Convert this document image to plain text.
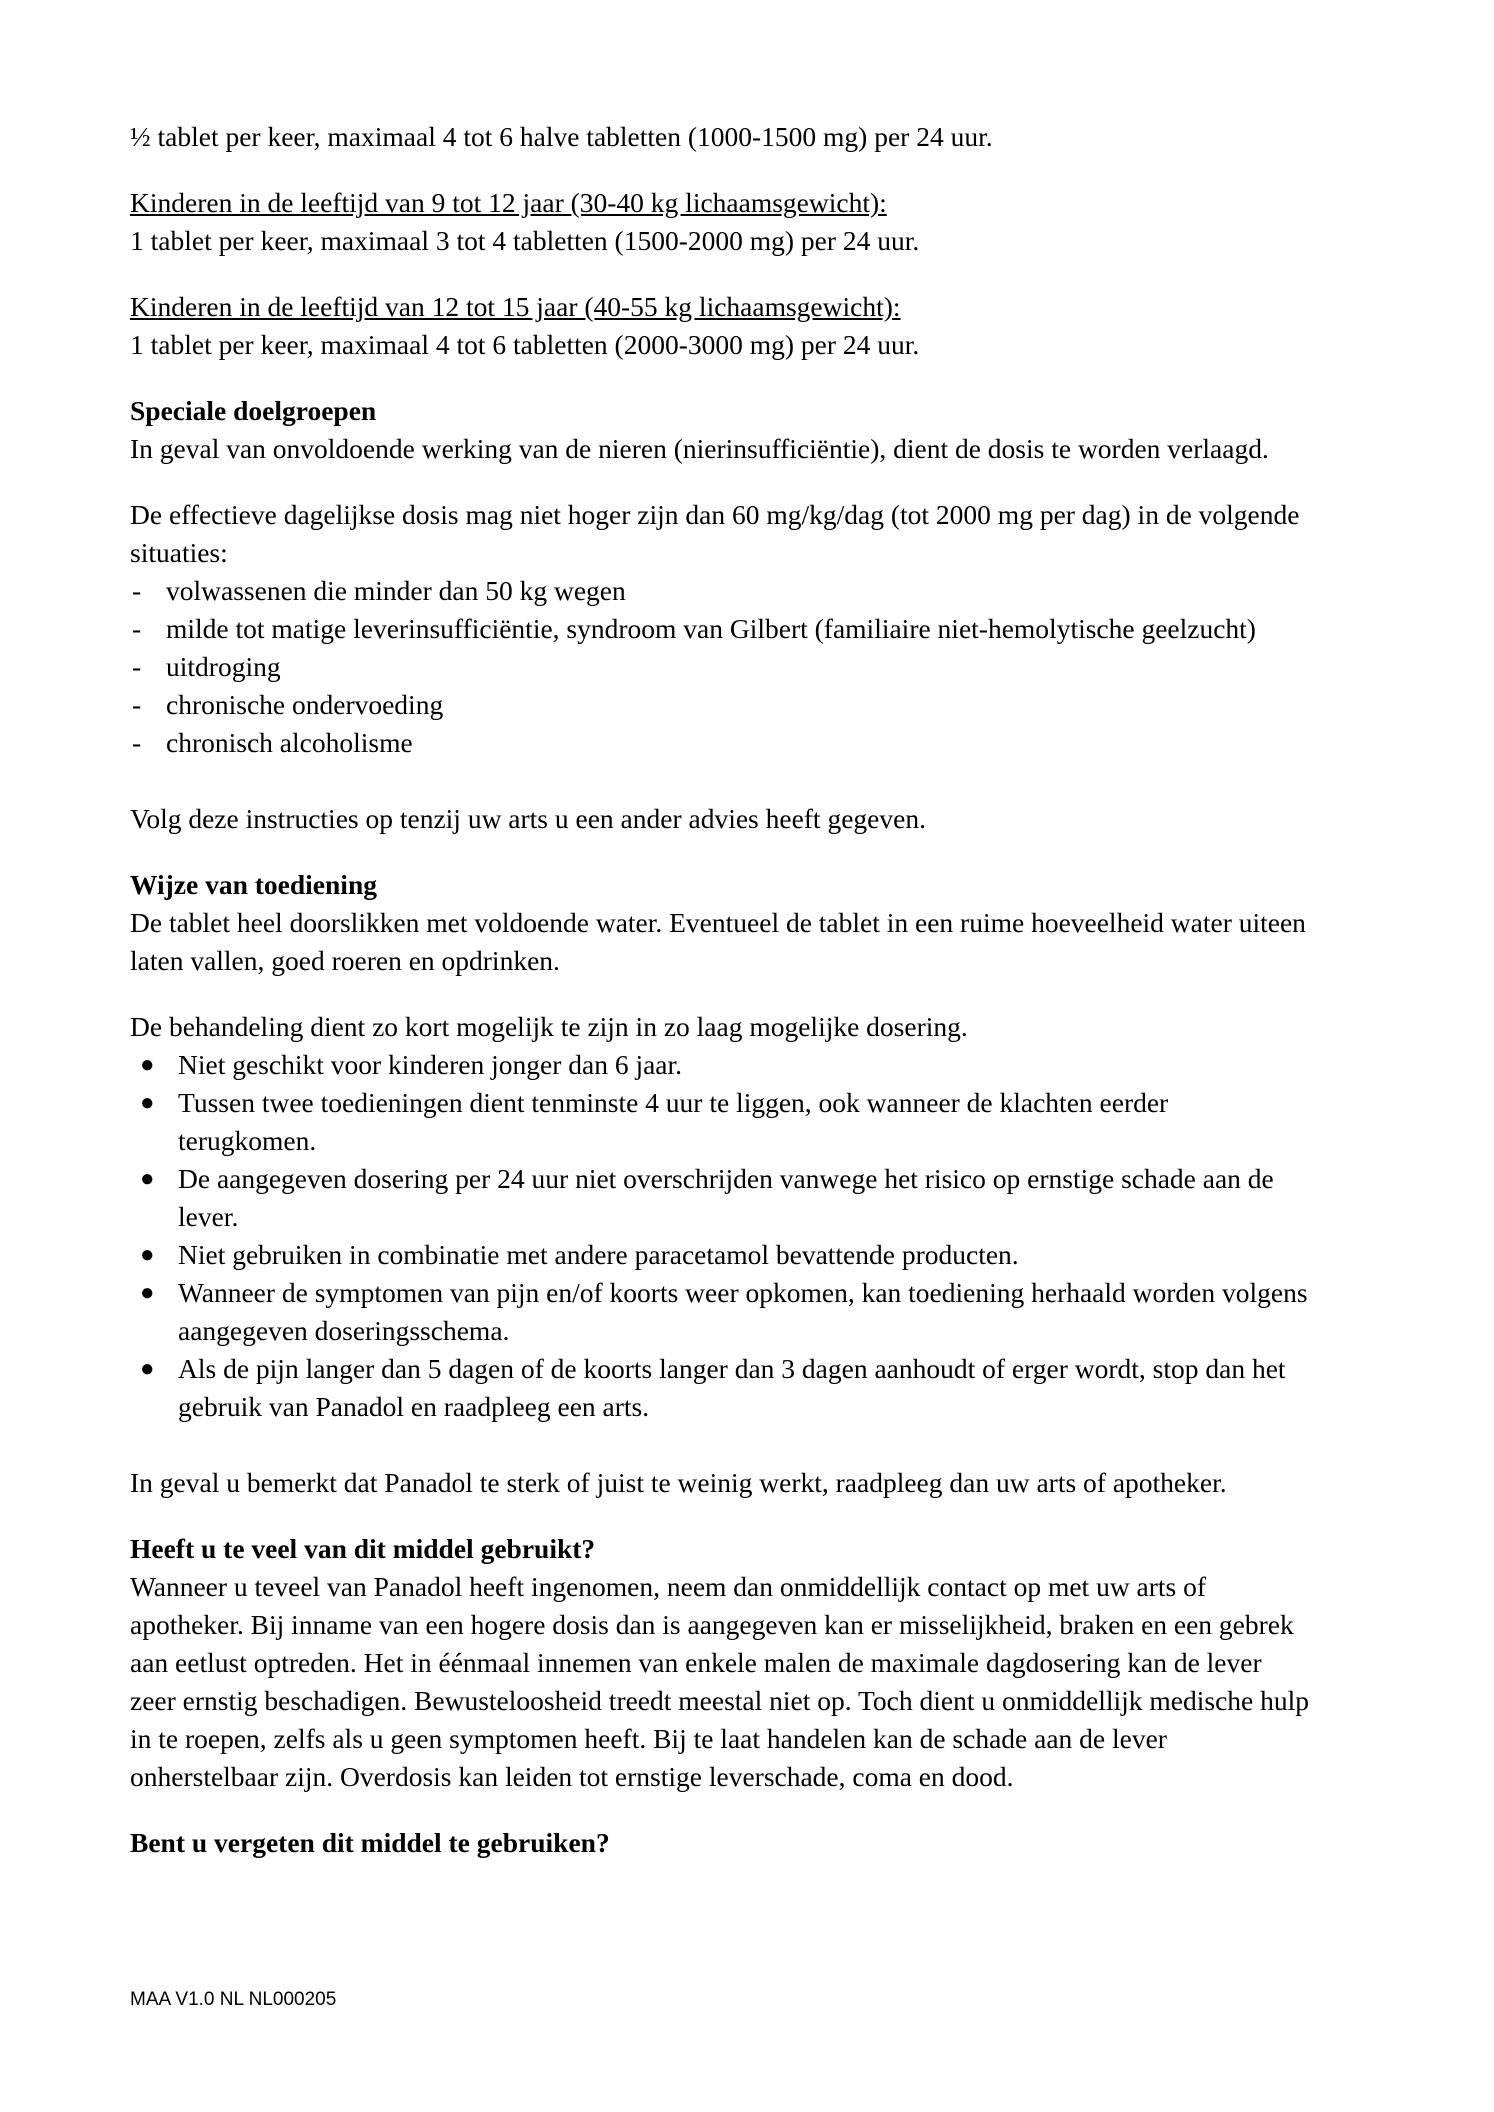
½ tablet per keer, maximaal 4 tot 6 halve tabletten (1000-1500 mg) per 24 uur.

Kinderen in de leeftijd van 9 tot 12 jaar (30-40 kg lichaamsgewicht):

1 tablet per keer, maximaal 3 tot 4 tabletten (1500-2000 mg) per 24 uur.

Kinderen in de leeftijd van 12 tot 15 jaar (40-55 kg lichaamsgewicht):

1 tablet per keer, maximaal 4 tot 6 tabletten (2000-3000 mg) per 24 uur.

Speciale doelgroepen

In geval van onvoldoende werking van de nieren (nierinsufficiëntie), dient de dosis te worden verlaagd.

De effectieve dagelijkse dosis mag niet hoger zijn dan 60 mg/kg/dag (tot 2000 mg per dag) in de volgende situaties:

- volwassenen die minder dan 50 kg wegen
- milde tot matige leverinsufficiëntie, syndroom van Gilbert (familiaire niet-hemolytische geelzucht)
- uitdroging
- chronische ondervoeding
- chronisch alcoholisme

Volg deze instructies op tenzij uw arts u een ander advies heeft gegeven.

Wijze van toediening

De tablet heel doorslikken met voldoende water. Eventueel de tablet in een ruime hoeveelheid water uiteen laten vallen, goed roeren en opdrinken.

De behandeling dient zo kort mogelijk te zijn in zo laag mogelijke dosering.

● Niet geschikt voor kinderen jonger dan 6 jaar.
● Tussen twee toedieningen dient tenminste 4 uur te liggen, ook wanneer de klachten eerder terugkomen.
● De aangegeven dosering per 24 uur niet overschrijden vanwege het risico op ernstige schade aan de lever.
● Niet gebruiken in combinatie met andere paracetamol bevattende producten.
● Wanneer de symptomen van pijn en/of koorts weer opkomen, kan toediening herhaald worden volgens aangegeven doseringsschema.
● Als de pijn langer dan 5 dagen of de koorts langer dan 3 dagen aanhoudt of erger wordt, stop dan het gebruik van Panadol en raadpleeg een arts.

In geval u bemerkt dat Panadol te sterk of juist te weinig werkt, raadpleeg dan uw arts of apotheker.

Heeft u te veel van dit middel gebruikt?

Wanneer u teveel van Panadol heeft ingenomen, neem dan onmiddellijk contact op met uw arts of apotheker. Bij inname van een hogere dosis dan is aangegeven kan er misselijkheid, braken en een gebrek aan eetlust optreden. Het in éénmaal innemen van enkele malen de maximale dagdosering kan de lever zeer ernstig beschadigen. Bewusteloosheid treedt meestal niet op. Toch dient u onmiddellijk medische hulp in te roepen, zelfs als u geen symptomen heeft. Bij te laat handelen kan de schade aan de lever onherstelbaar zijn. Overdosis kan leiden tot ernstige leverschade, coma en dood.

Bent u vergeten dit middel te gebruiken?

MAA V1.0 NL NL000205
